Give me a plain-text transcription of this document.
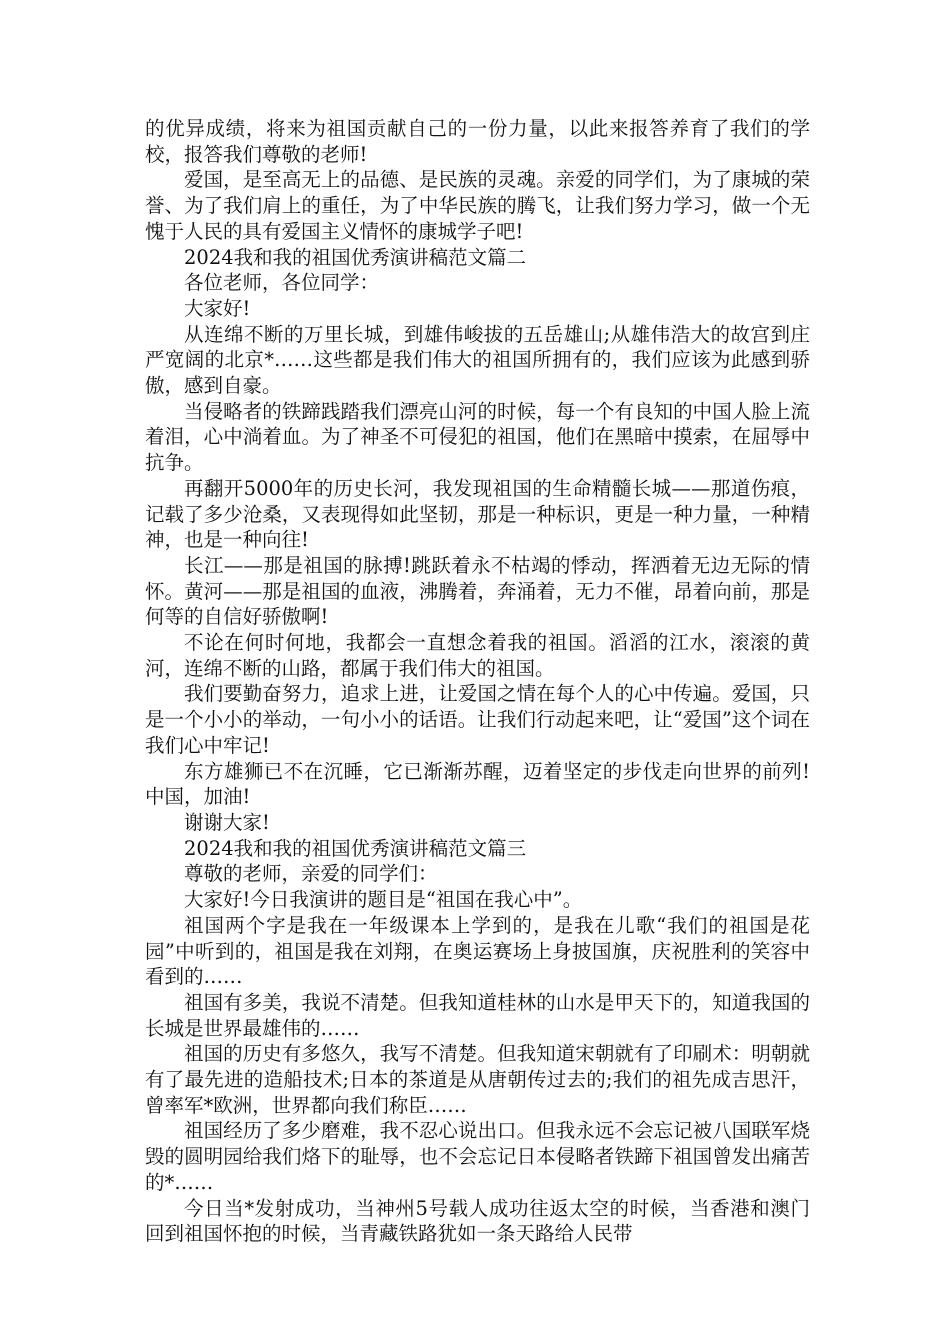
的优异成绩，将来为祖国贡献自己的一份力量，以此来报答养育了我们的学校，报答我们尊敬的老师!

爱国，是至高无上的品德、是民族的灵魂。亲爱的同学们，为了康城的荣誉、为了我们肩上的重任，为了中华民族的腾飞，让我们努力学习，做一个无愧于人民的具有爱国主义情怀的康城学子吧!

2024我和我的祖国优秀演讲稿范文篇二

各位老师，各位同学：

大家好!

从连绵不断的万里长城，到雄伟峻拔的五岳雄山;从雄伟浩大的故宫到庄严宽阔的北京*……这些都是我们伟大的祖国所拥有的，我们应该为此感到骄傲，感到自豪。

当侵略者的铁蹄践踏我们漂亮山河的时候，每一个有良知的中国人脸上流着泪，心中淌着血。为了神圣不可侵犯的祖国，他们在黑暗中摸索，在屈辱中抗争。

再翻开5000年的历史长河，我发现祖国的生命精髓长城——那道伤痕，记载了多少沧桑，又表现得如此坚韧，那是一种标识，更是一种力量，一种精神，也是一种向往!

长江——那是祖国的脉搏!跳跃着永不枯竭的悸动，挥洒着无边无际的情怀。黄河——那是祖国的血液，沸腾着，奔涌着，无力不催，昂着向前，那是何等的自信好骄傲啊!

不论在何时何地，我都会一直想念着我的祖国。滔滔的江水，滚滚的黄河，连绵不断的山路，都属于我们伟大的祖国。

我们要勤奋努力，追求上进，让爱国之情在每个人的心中传遍。爱国，只是一个小小的举动，一句小小的话语。让我们行动起来吧，让“爱国”这个词在我们心中牢记!

东方雄狮已不在沉睡，它已渐渐苏醒，迈着坚定的步伐走向世界的前列!中国，加油!

谢谢大家!

2024我和我的祖国优秀演讲稿范文篇三

尊敬的老师，亲爱的同学们：

大家好!今日我演讲的题目是“祖国在我心中”。

祖国两个字是我在一年级课本上学到的，是我在儿歌“我们的祖国是花园”中听到的，祖国是我在刘翔，在奥运赛场上身披国旗，庆祝胜利的笑容中看到的……

祖国有多美，我说不清楚。但我知道桂林的山水是甲天下的，知道我国的长城是世界最雄伟的……

祖国的历史有多悠久，我写不清楚。但我知道宋朝就有了印刷术：明朝就有了最先进的造船技术;日本的茶道是从唐朝传过去的;我们的祖先成吉思汗，曾率军*欧洲，世界都向我们称臣……

祖国经历了多少磨难，我不忍心说出口。但我永远不会忘记被八国联军烧毁的圆明园给我们烙下的耻辱，也不会忘记日本侵略者铁蹄下祖国曾发出痛苦的*……

今日当*发射成功，当神州5号载人成功往返太空的时候，当香港和澳门回到祖国怀抱的时候，当青藏铁路犹如一条天路给人民带
